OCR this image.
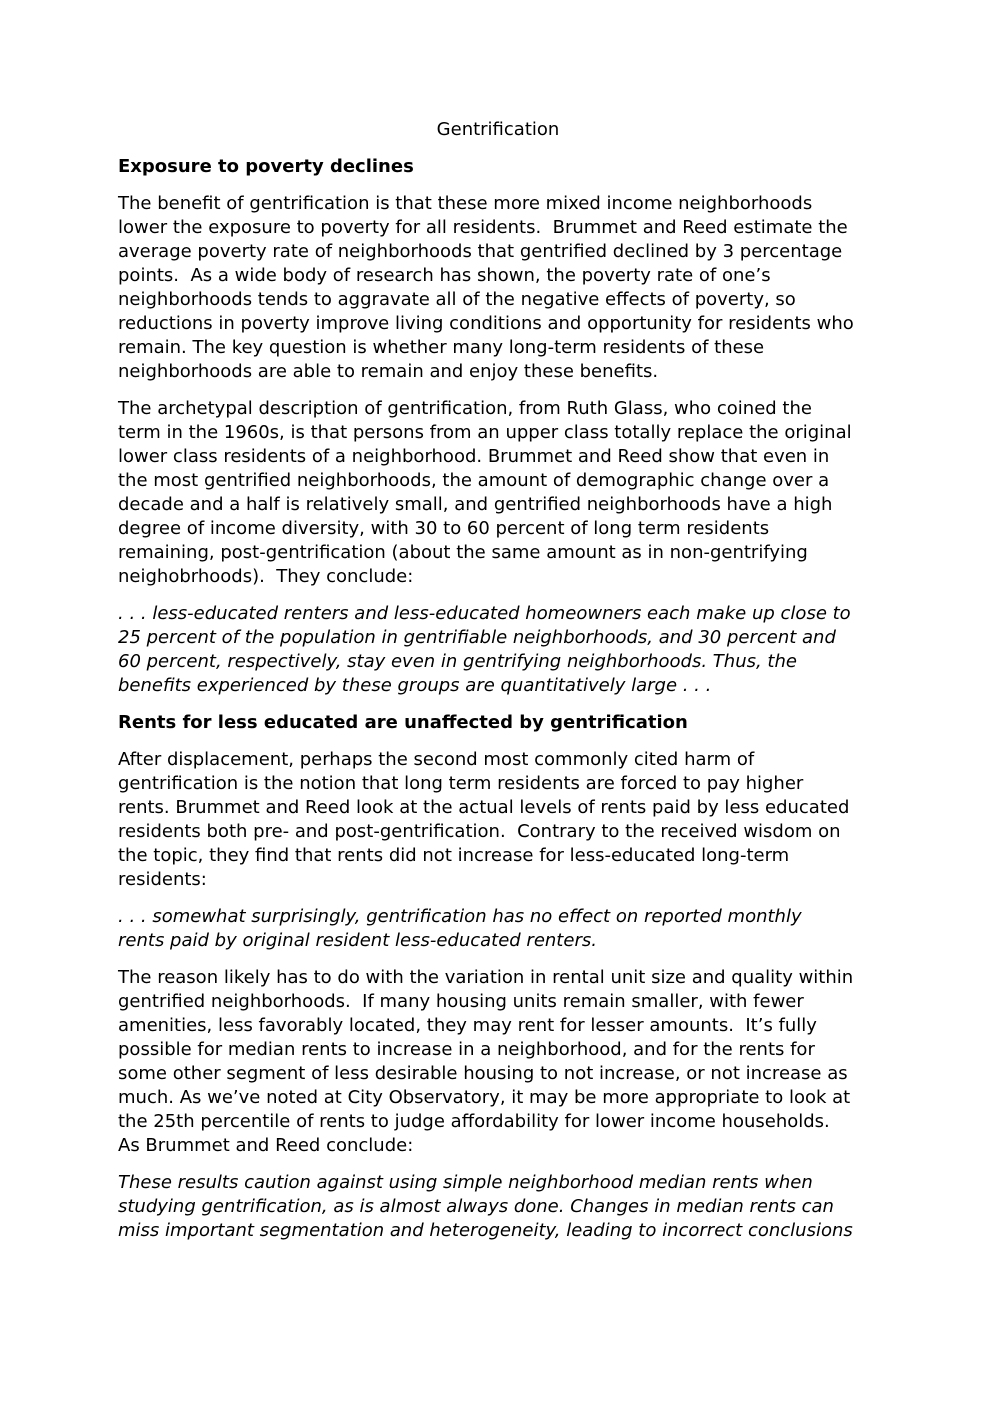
Gentrification
Exposure to poverty declines
The benefit of gentrification is that these more mixed income neighborhoods
lower the exposure to poverty for all residents.  Brummet and Reed estimate the
average poverty rate of neighborhoods that gentrified declined by 3 percentage
points.  As a wide body of research has shown, the poverty rate of one’s
neighborhoods tends to aggravate all of the negative effects of poverty, so
reductions in poverty improve living conditions and opportunity for residents who
remain. The key question is whether many long-term residents of these
neighborhoods are able to remain and enjoy these benefits.
The archetypal description of gentrification, from Ruth Glass, who coined the
term in the 1960s, is that persons from an upper class totally replace the original
lower class residents of a neighborhood. Brummet and Reed show that even in
the most gentrified neighborhoods, the amount of demographic change over a
decade and a half is relatively small, and gentrified neighborhoods have a high
degree of income diversity, with 30 to 60 percent of long term residents
remaining, post-gentrification (about the same amount as in non-gentrifying
neighobrhoods).  They conclude:
. . . less-educated renters and less-educated homeowners each make up close to
25 percent of the population in gentrifiable neighborhoods, and 30 percent and
60 percent, respectively, stay even in gentrifying neighborhoods. Thus, the
benefits experienced by these groups are quantitatively large . . .
Rents for less educated are unaffected by gentrification
After displacement, perhaps the second most commonly cited harm of
gentrification is the notion that long term residents are forced to pay higher
rents. Brummet and Reed look at the actual levels of rents paid by less educated
residents both pre- and post-gentrification.  Contrary to the received wisdom on
the topic, they find that rents did not increase for less-educated long-term
residents:
. . . somewhat surprisingly, gentrification has no effect on reported monthly
rents paid by original resident less-educated renters.
The reason likely has to do with the variation in rental unit size and quality within
gentrified neighborhoods.  If many housing units remain smaller, with fewer
amenities, less favorably located, they may rent for lesser amounts.  It’s fully
possible for median rents to increase in a neighborhood, and for the rents for
some other segment of less desirable housing to not increase, or not increase as
much. As we’ve noted at City Observatory, it may be more appropriate to look at
the 25th percentile of rents to judge affordability for lower income households.
As Brummet and Reed conclude:
These results caution against using simple neighborhood median rents when
studying gentrification, as is almost always done. Changes in median rents can
miss important segmentation and heterogeneity, leading to incorrect conclusions
